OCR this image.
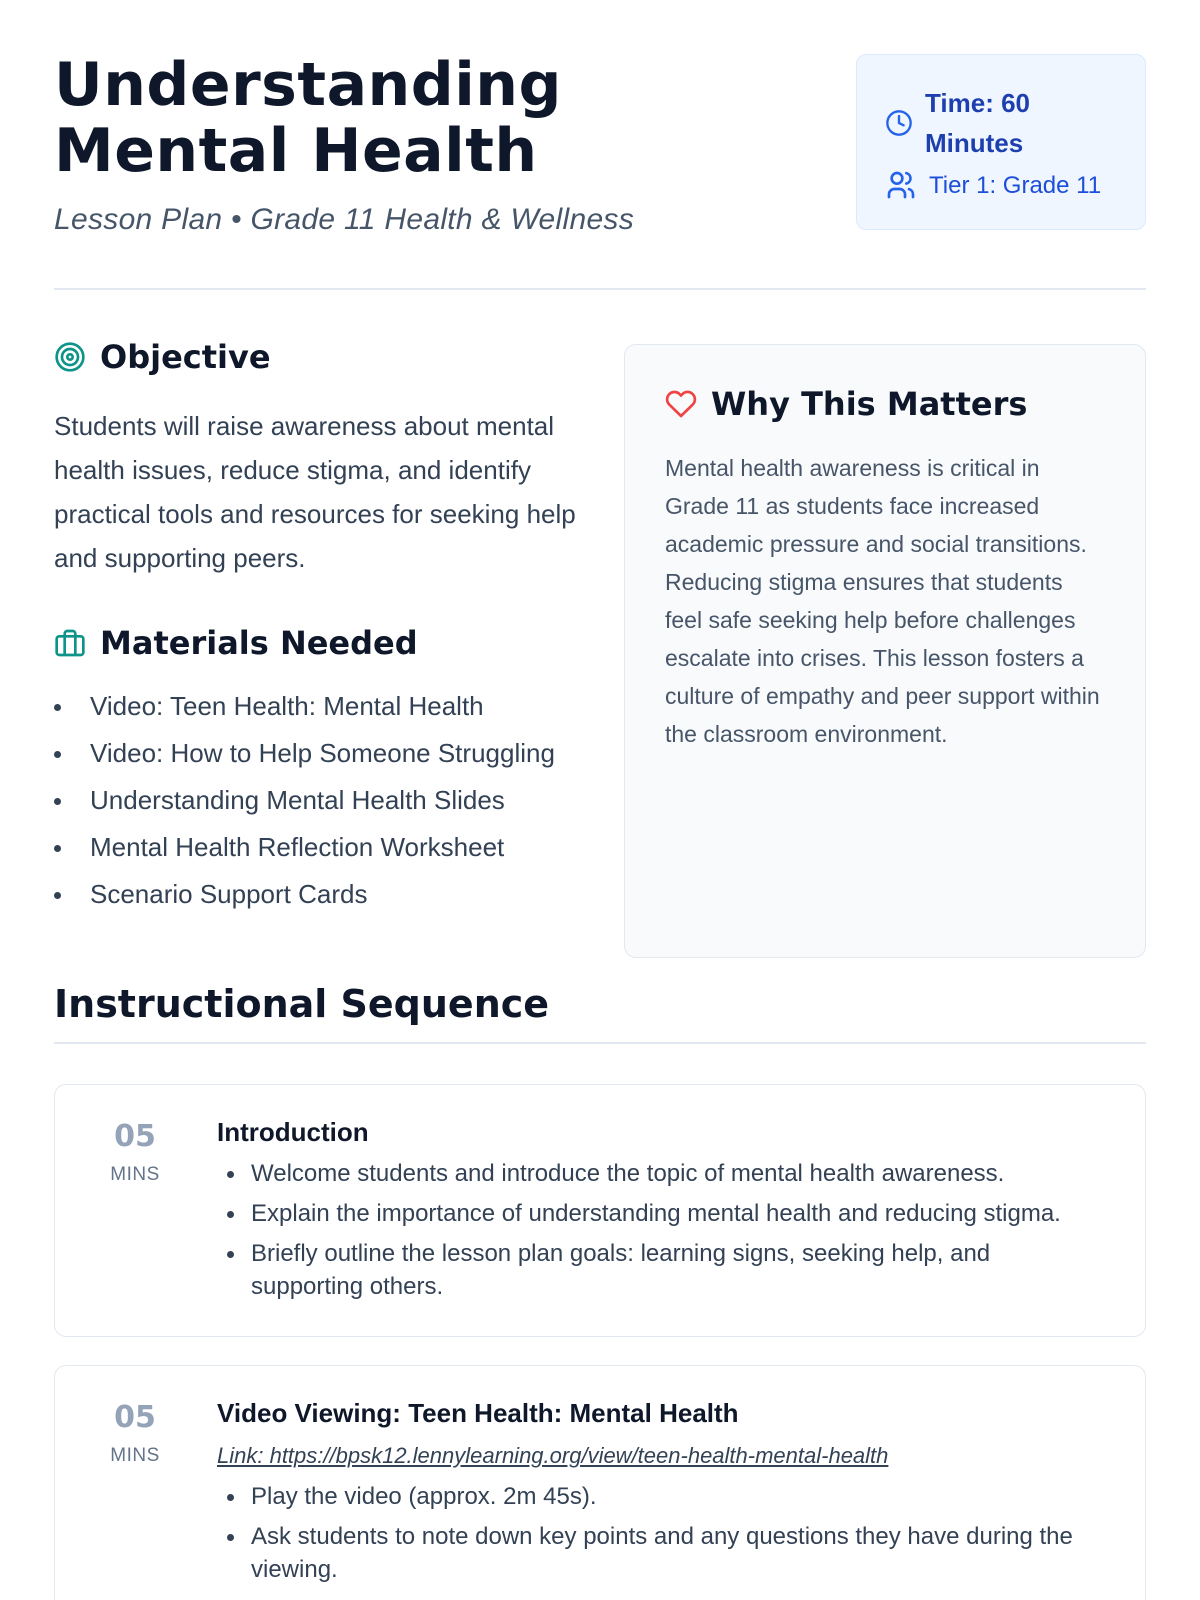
Understanding Mental Health
Lesson Plan • Grade 11 Health & Wellness
Time: 60 Minutes
Tier 1: Grade 11
Objective

Students will raise awareness about mental health issues, reduce stigma, and identify practical tools and resources for seeking help and supporting peers.

Materials Needed
Video: Teen Health: Mental Health
Video: How to Help Someone Struggling
Understanding Mental Health Slides
Mental Health Reflection Worksheet
Scenario Support Cards
Why This Matters

Mental health awareness is critical in Grade 11 as students face increased academic pressure and social transitions. Reducing stigma ensures that students feel safe seeking help before challenges escalate into crises. This lesson fosters a culture of empathy and peer support within the classroom environment.

Instructional Sequence
05
MINS
Introduction
Welcome students and introduce the topic of mental health awareness.
Explain the importance of understanding mental health and reducing stigma.
Briefly outline the lesson plan goals: learning signs, seeking help, and supporting others.
05
MINS
Video Viewing: Teen Health: Mental Health
Link: https://bpsk12.lennylearning.org/view/teen-health-mental-health
Play the video (approx. 2m 45s).
Ask students to note down key points and any questions they have during the viewing.
